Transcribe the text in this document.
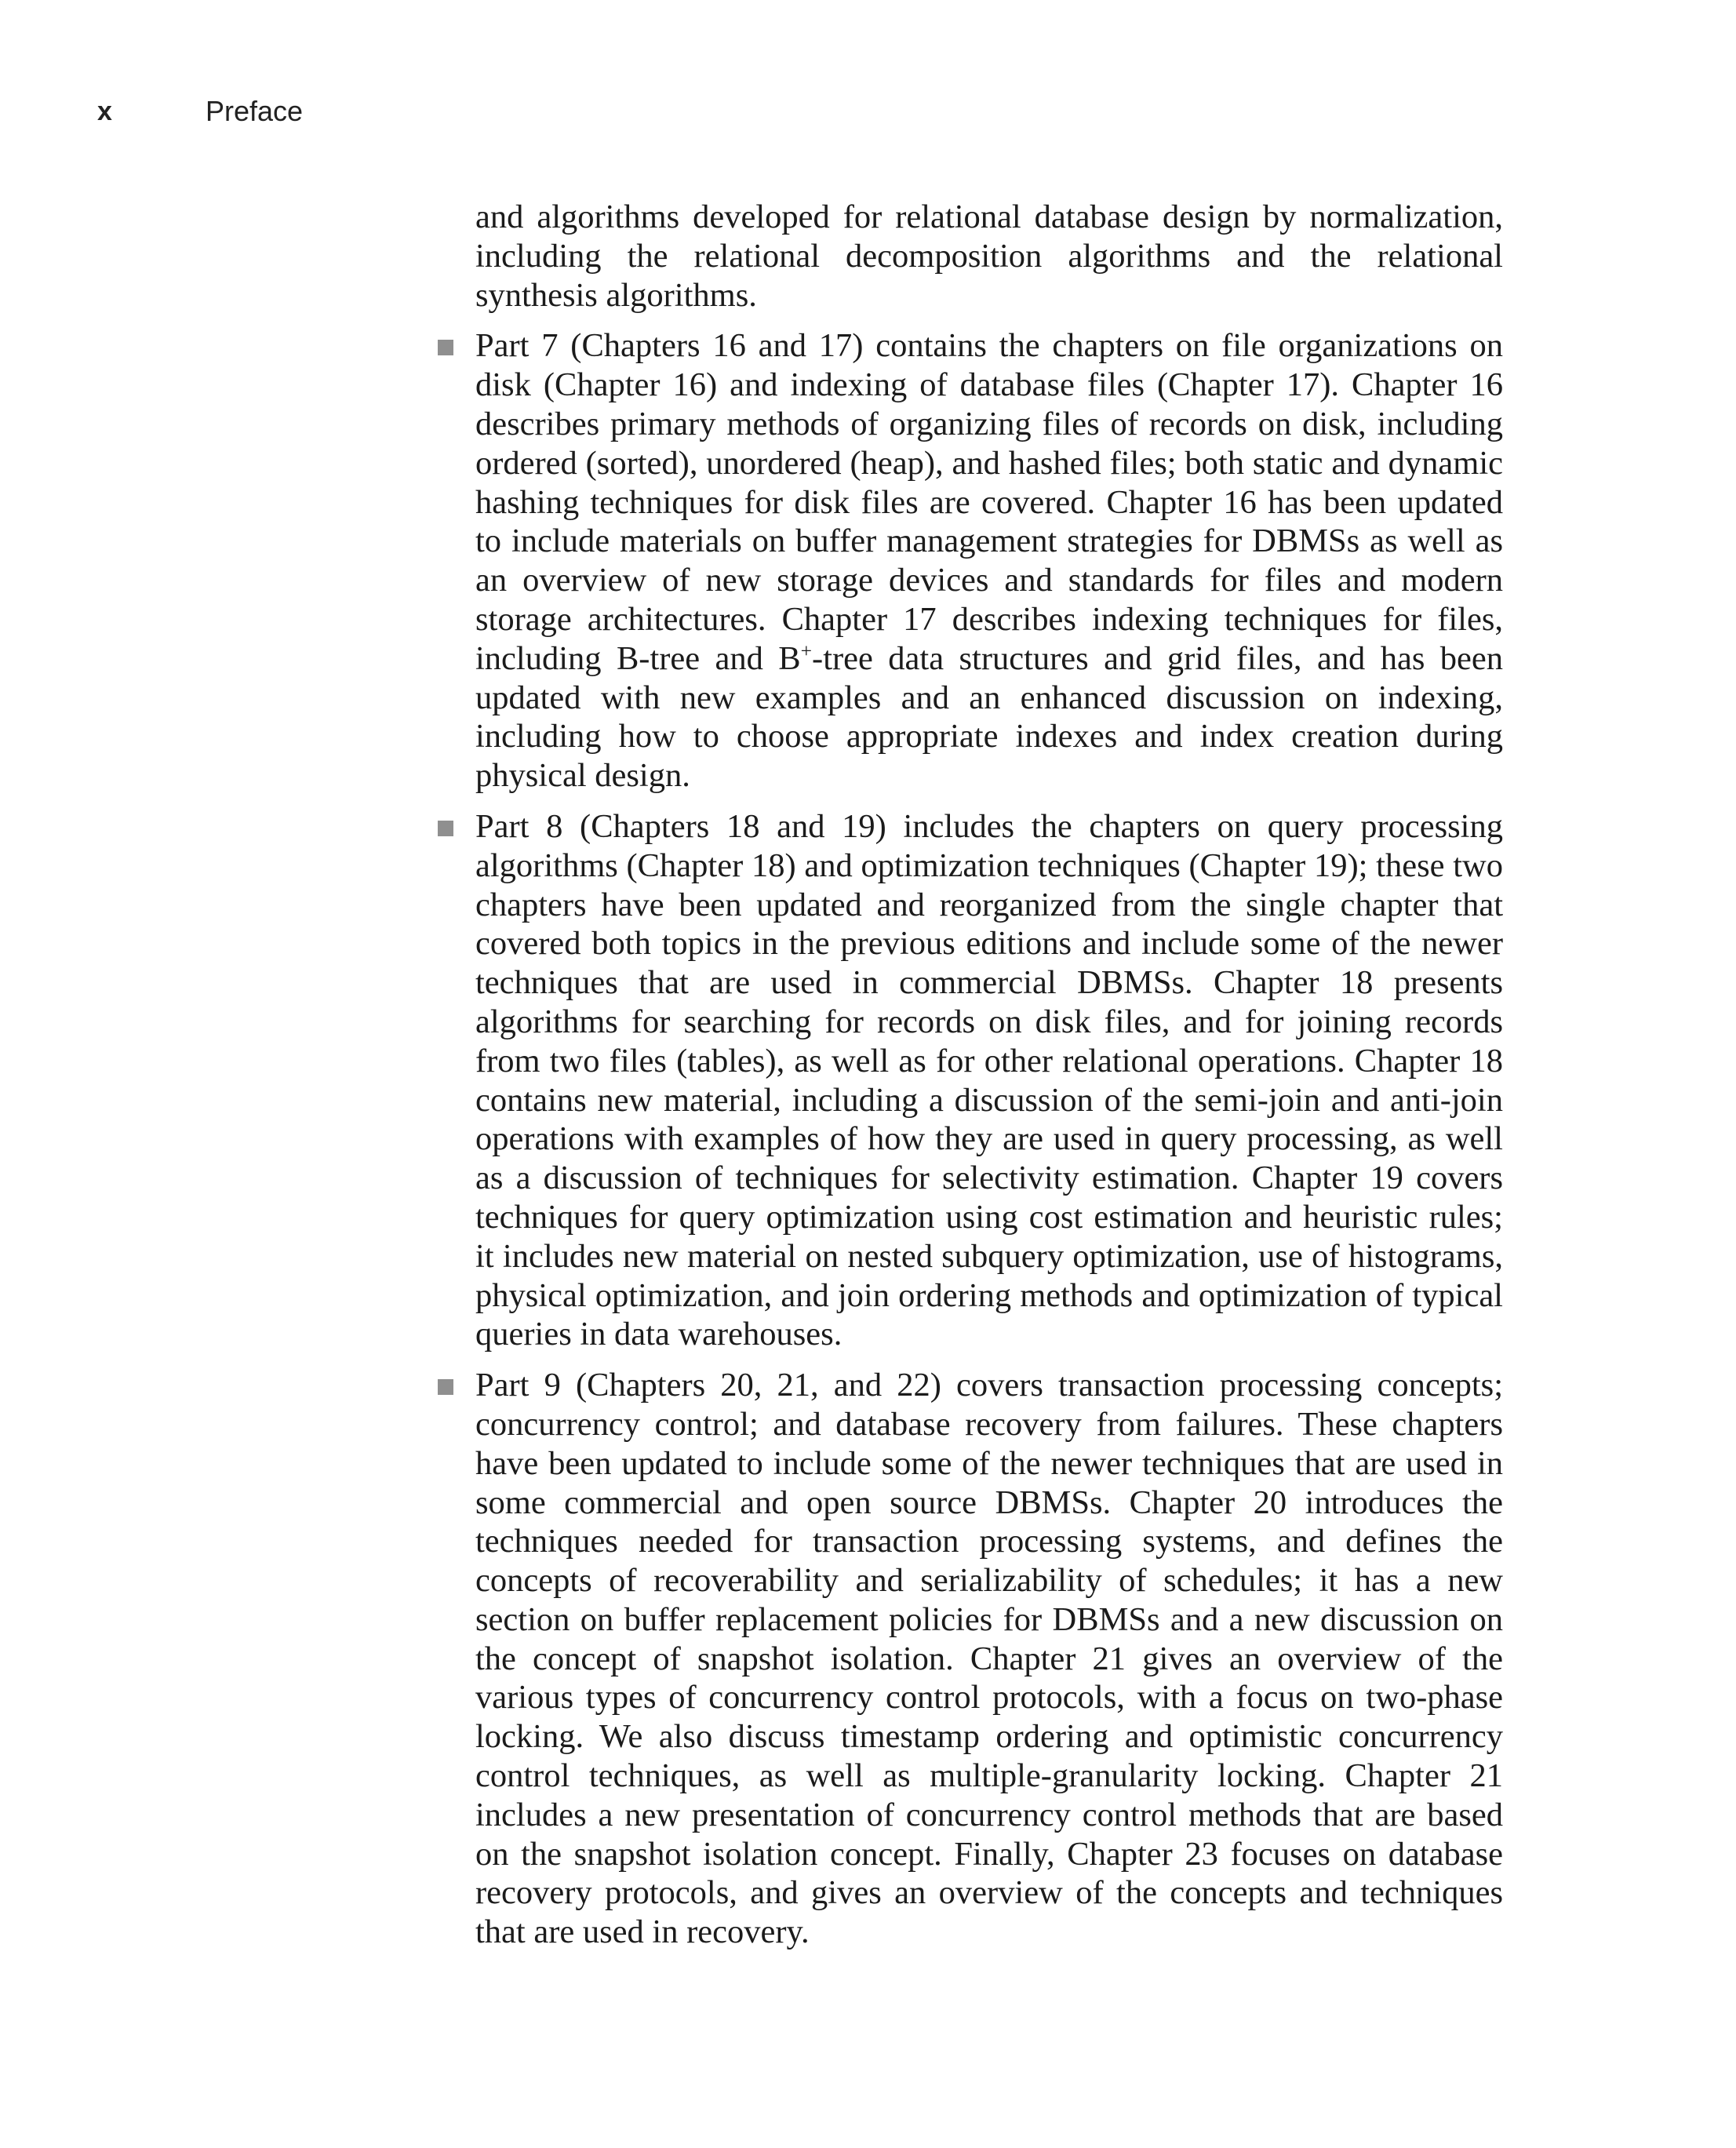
x	Preface

and algorithms developed for relational database design by normalization, including the relational decomposition algorithms and the relational synthesis algorithms.

Part 7 (Chapters 16 and 17) contains the chapters on file organizations on disk (Chapter 16) and indexing of database files (Chapter 17). Chapter 16 describes primary methods of organizing files of records on disk, including ordered (sorted), unordered (heap), and hashed files; both static and dynamic hashing techniques for disk files are covered. Chapter 16 has been updated to include materials on buffer management strategies for DBMSs as well as an overview of new storage devices and standards for files and modern storage architectures. Chapter 17 describes indexing techniques for files, including B-tree and B+-tree data structures and grid files, and has been updated with new examples and an enhanced discussion on indexing, including how to choose appropriate indexes and index creation during physical design.

Part 8 (Chapters 18 and 19) includes the chapters on query processing algorithms (Chapter 18) and optimization techniques (Chapter 19); these two chapters have been updated and reorganized from the single chapter that covered both topics in the previous editions and include some of the newer techniques that are used in commercial DBMSs. Chapter 18 presents algorithms for searching for records on disk files, and for joining records from two files (tables), as well as for other relational operations. Chapter 18 contains new material, including a discussion of the semi-join and anti-join operations with examples of how they are used in query processing, as well as a discussion of techniques for selectivity estimation. Chapter 19 covers techniques for query optimization using cost estimation and heuristic rules; it includes new material on nested subquery optimization, use of histograms, physical optimization, and join ordering methods and optimization of typical queries in data warehouses.

Part 9 (Chapters 20, 21, and 22) covers transaction processing concepts; concurrency control; and database recovery from failures. These chapters have been updated to include some of the newer techniques that are used in some commercial and open source DBMSs. Chapter 20 introduces the techniques needed for transaction processing systems, and defines the concepts of recoverability and serializability of schedules; it has a new section on buffer replacement policies for DBMSs and a new discussion on the concept of snapshot isolation. Chapter 21 gives an overview of the various types of concurrency control protocols, with a focus on two-phase locking. We also discuss timestamp ordering and optimistic concurrency control techniques, as well as multiple-granularity locking. Chapter 21 includes a new presentation of concurrency control methods that are based on the snapshot isolation concept. Finally, Chapter 23 focuses on database recovery protocols, and gives an overview of the concepts and techniques that are used in recovery.
